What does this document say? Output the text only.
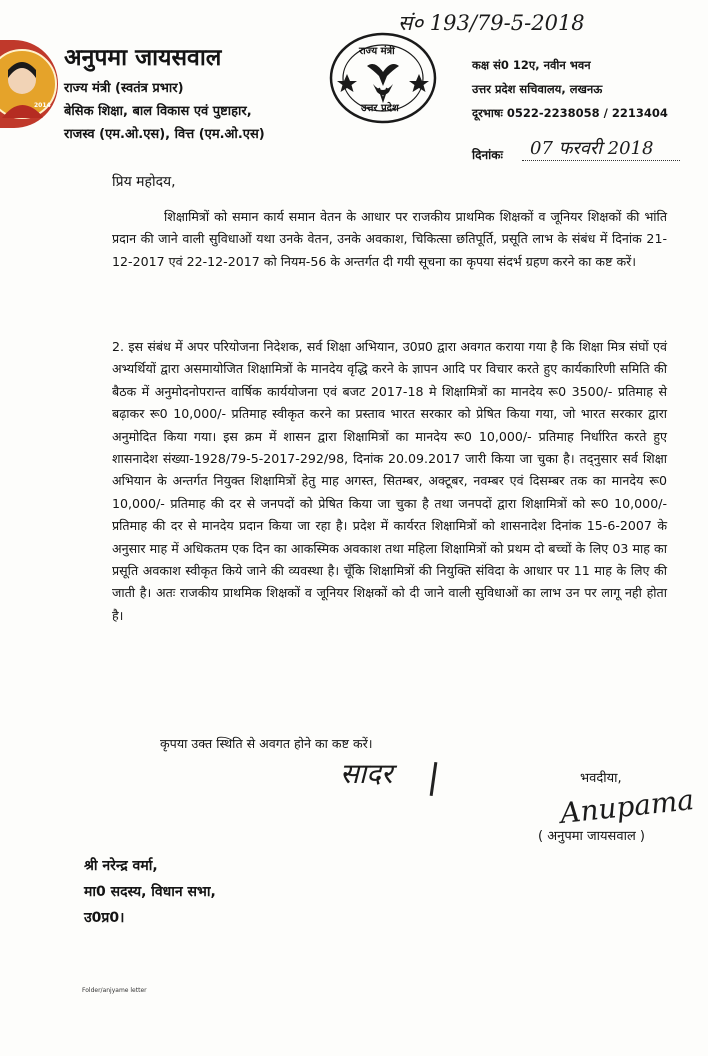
सं० 193/79-5-2018
2014
अनुपमा जायसवाल
राज्य मंत्री (स्वतंत्र प्रभार)
बेसिक शिक्षा, बाल विकास एवं पुष्टाहार,
राजस्व (एम.ओ.एस), वित्त (एम.ओ.एस)
राज्य मंत्री
उत्तर प्रदेश
कक्ष सं0 12ए, नवीन भवन
उत्तर प्रदेश सचिवालय, लखनऊ
दूरभाषः 0522-2238058 / 2213404
दिनांकः 07 फरवरी 2018
प्रिय महोदय,
शिक्षामित्रों को समान कार्य समान वेतन के आधार पर राजकीय प्राथमिक शिक्षकों व जूनियर शिक्षकों की भांति प्रदान की जाने वाली सुविधाओं यथा उनके वेतन, उनके अवकाश, चिकित्सा छतिपूर्ति, प्रसूति लाभ के संबंध में दिनांक 21-12-2017 एवं 22-12-2017 को नियम-56 के अन्तर्गत दी गयी सूचना का कृपया संदर्भ ग्रहण करने का कष्ट करें।
2. इस संबंध में अपर परियोजना निदेशक, सर्व शिक्षा अभियान, उ0प्र0 द्वारा अवगत कराया गया है कि शिक्षा मित्र संघों एवं अभ्यर्थियों द्वारा असमायोजित शिक्षामित्रों के मानदेय वृद्धि करने के ज्ञापन आदि पर विचार करते हुए कार्यकारिणी समिति की बैठक में अनुमोदनोपरान्त वार्षिक कार्ययोजना एवं बजट 2017-18 मे शिक्षामित्रों का मानदेय रू0 3500/- प्रतिमाह से बढ़ाकर रू0 10,000/- प्रतिमाह स्वीकृत करने का प्रस्ताव भारत सरकार को प्रेषित किया गया, जो भारत सरकार द्वारा अनुमोदित किया गया। इस क्रम में शासन द्वारा शिक्षामित्रों का मानदेय रू0 10,000/- प्रतिमाह निर्धारित करते हुए शासनादेश संख्या-1928/79-5-2017-292/98, दिनांक 20.09.2017 जारी किया जा चुका है। तद्नुसार सर्व शिक्षा अभियान के अन्तर्गत नियुक्त शिक्षामित्रों हेतु माह अगस्त, सितम्बर, अक्टूबर, नवम्बर एवं दिसम्बर तक का मानदेय रू0 10,000/- प्रतिमाह की दर से जनपदों को प्रेषित किया जा चुका है तथा जनपदों द्वारा शिक्षामित्रों को रू0 10,000/- प्रतिमाह की दर से मानदेय प्रदान किया जा रहा है। प्रदेश में कार्यरत शिक्षामित्रों को शासनादेश दिनांक 15-6-2007 के अनुसार माह में अधिकतम एक दिन का आकस्मिक अवकाश तथा महिला शिक्षामित्रों को प्रथम दो बच्चों के लिए 03 माह का प्रसूति अवकाश स्वीकृत किये जाने की व्यवस्था है। चूँकि शिक्षामित्रों की नियुक्ति संविदा के आधार पर 11 माह के लिए की जाती है। अतः राजकीय प्राथमिक शिक्षकों व जूनियर शिक्षकों को दी जाने वाली सुविधाओं का लाभ उन पर लागू नही होता है।
कृपया उक्त स्थिति से अवगत होने का कष्ट करें।
सादर	भवदीया,
Anupama
( अनुपमा जायसवाल )
श्री नरेन्द्र वर्मा,
मा0 सदस्य, विधान सभा,
उ0प्र0।
Folder/anjyame letter
